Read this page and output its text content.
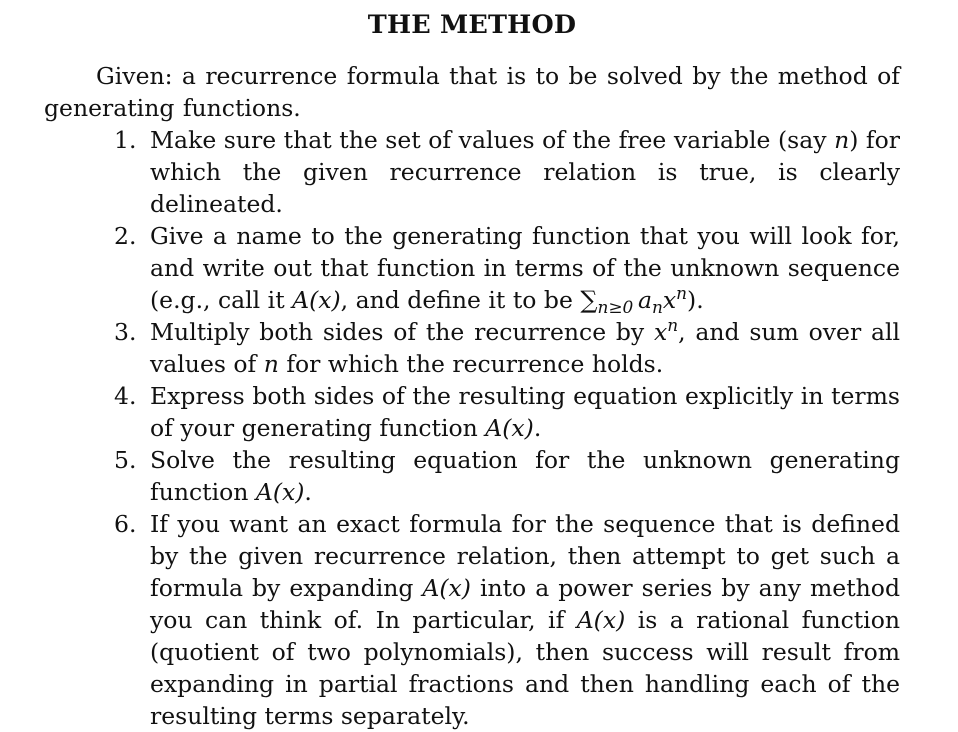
THE METHOD

Given: a recurrence formula that is to be solved by the method of generating functions.

1. Make sure that the set of values of the free variable (say n) for which the given recurrence relation is true, is clearly delineated.
2. Give a name to the generating function that you will look for, and write out that function in terms of the unknown sequence (e.g., call it A(x), and define it to be $\sum_{n\ge 0}$  $a_nx^n$).
3. Multiply both sides of the recurrence by $x^n$, and sum over all values of n for which the recurrence holds.
4. Express both sides of the resulting equation explicitly in terms of your generating function A(x).
5. Solve the resulting equation for the unknown generating function A(x).
6. If you want an exact formula for the sequence that is defined by the given recurrence relation, then attempt to get such a formula by expanding A(x) into a power series by any method you can think of. In particular, if A(x) is a rational function (quotient of two polynomials), then success will result from expanding in partial fractions and then handling each of the resulting terms separately.
